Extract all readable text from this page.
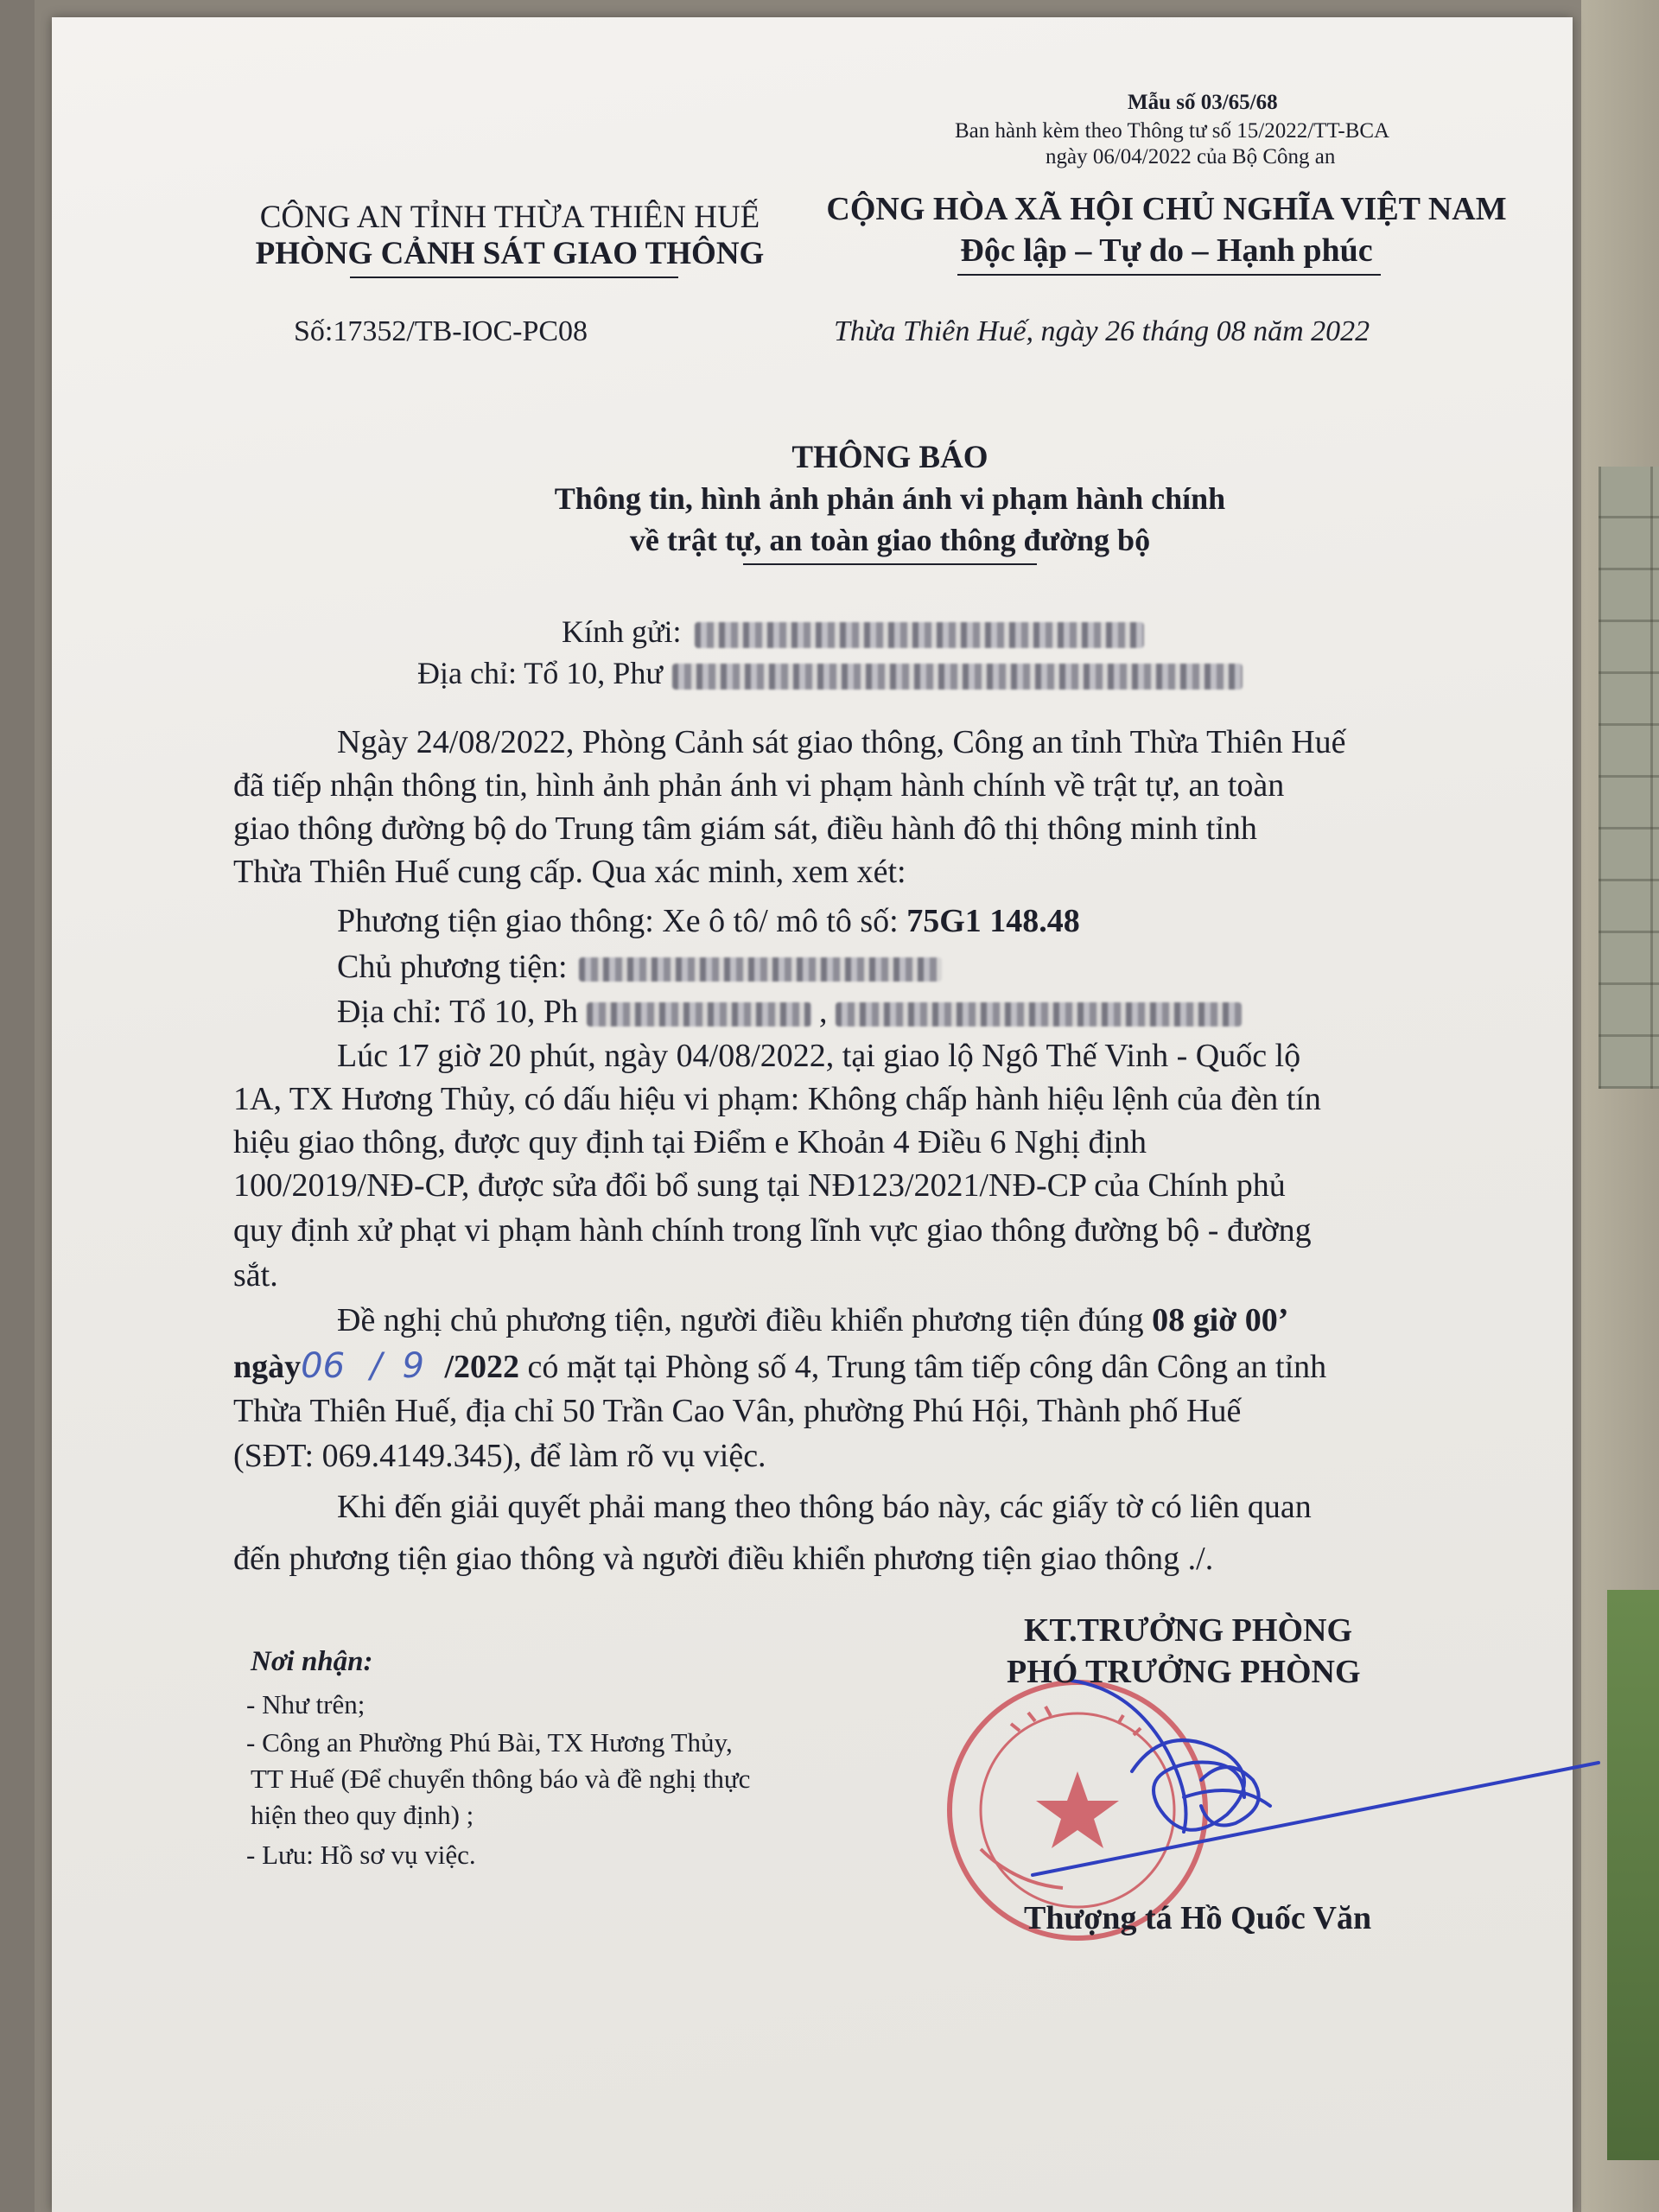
Mẫu số 03/65/68
Ban hành kèm theo Thông tư số 15/2022/TT-BCA
ngày 06/04/2022 của Bộ Công an
CÔNG AN TỈNH THỪA THIÊN HUẾ
PHÒNG CẢNH SÁT GIAO THÔNG
CỘNG HÒA XÃ HỘI CHỦ NGHĨA VIỆT NAM
Độc lập – Tự do – Hạnh phúc
Số:17352/TB-IOC-PC08	Thừa Thiên Huế, ngày 26 tháng 08 năm 2022
THÔNG BÁO
Thông tin, hình ảnh phản ánh vi phạm hành chính
về trật tự, an toàn giao thông đường bộ
Kính gửi:
Địa chỉ: Tổ 10, Phư
Ngày 24/08/2022, Phòng Cảnh sát giao thông, Công an tỉnh Thừa Thiên Huế
đã tiếp nhận thông tin, hình ảnh phản ánh vi phạm hành chính về trật tự, an toàn
giao thông đường bộ do Trung tâm giám sát, điều hành đô thị thông minh tỉnh
Thừa Thiên Huế cung cấp. Qua xác minh, xem xét:
Phương tiện giao thông: Xe ô tô/ mô tô số: 75G1 148.48
Chủ phương tiện:
Địa chỉ: Tổ 10, Ph	,
Lúc 17 giờ 20 phút, ngày 04/08/2022, tại giao lộ Ngô Thế Vinh - Quốc lộ
1A, TX Hương Thủy, có dấu hiệu vi phạm: Không chấp hành hiệu lệnh của đèn tín
hiệu giao thông, được quy định tại Điểm e Khoản 4 Điều 6 Nghị định
100/2019/NĐ-CP, được sửa đổi bổ sung tại NĐ123/2021/NĐ-CP của Chính phủ
quy định xử phạt vi phạm hành chính trong lĩnh vực giao thông đường bộ - đường
sắt.
Đề nghị chủ phương tiện, người điều khiển phương tiện đúng 08 giờ 00’
ngày06 / 9 /2022 có mặt tại Phòng số 4, Trung tâm tiếp công dân Công an tỉnh
Thừa Thiên Huế, địa chỉ 50 Trần Cao Vân, phường Phú Hội, Thành phố Huế
(SĐT: 069.4149.345), để làm rõ vụ việc.
Khi đến giải quyết phải mang theo thông báo này, các giấy tờ có liên quan
đến phương tiện giao thông và người điều khiển phương tiện giao thông ./.
Nơi nhận:
- Như trên;
- Công an Phường Phú Bài, TX Hương Thủy,
TT Huế (Để chuyển thông báo và đề nghị thực
hiện theo quy định) ;
- Lưu: Hồ sơ vụ việc.
KT.TRƯỞNG PHÒNG
PHÓ TRƯỞNG PHÒNG
Thượng tá Hồ Quốc Văn
